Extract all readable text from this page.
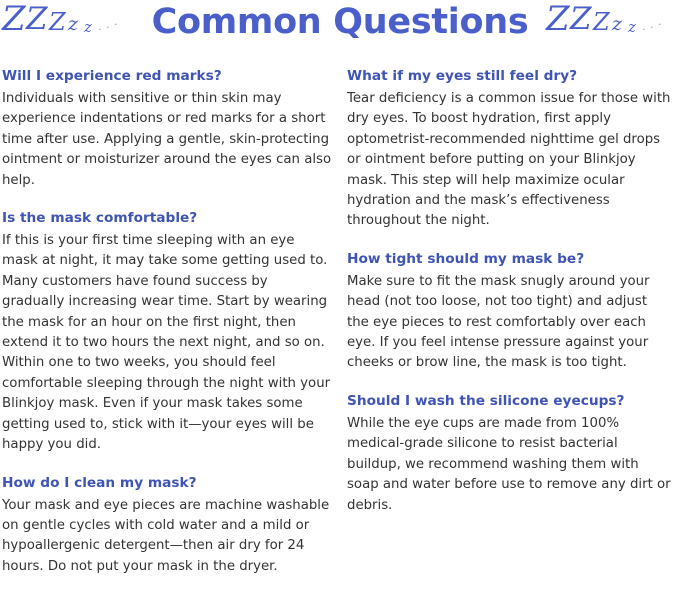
Z Z Z z z . . . Common Questions Z Z Z z z . . .
Will I experience red marks?

Individuals with sensitive or thin skin may experience indentations or red marks for a short time after use. Applying a gentle, skin-protecting ointment or moisturizer around the eyes can also help.

Is the mask comfortable?

If this is your first time sleeping with an eye mask at night, it may take some getting used to. Many customers have found success by gradually increasing wear time. Start by wearing the mask for an hour on the first night, then extend it to two hours the next night, and so on. Within one to two weeks, you should feel comfortable sleeping through the night with your Blinkjoy mask. Even if your mask takes some getting used to, stick with it—your eyes will be happy you did.

How do I clean my mask?

Your mask and eye pieces are machine washable on gentle cycles with cold water and a mild or hypoallergenic detergent—then air dry for 24 hours. Do not put your mask in the dryer.

What if my eyes still feel dry?

Tear deficiency is a common issue for those with dry eyes. To boost hydration, first apply optometrist-recommended nighttime gel drops or ointment before putting on your Blinkjoy mask. This step will help maximize ocular hydration and the mask’s effectiveness throughout the night.

How tight should my mask be?

Make sure to fit the mask snugly around your head (not too loose, not too tight) and adjust the eye pieces to rest comfortably over each eye. If you feel intense pressure against your cheeks or brow line, the mask is too tight.

Should I wash the silicone eyecups?

While the eye cups are made from 100% medical-grade silicone to resist bacterial buildup, we recommend washing them with soap and water before use to remove any dirt or debris.
